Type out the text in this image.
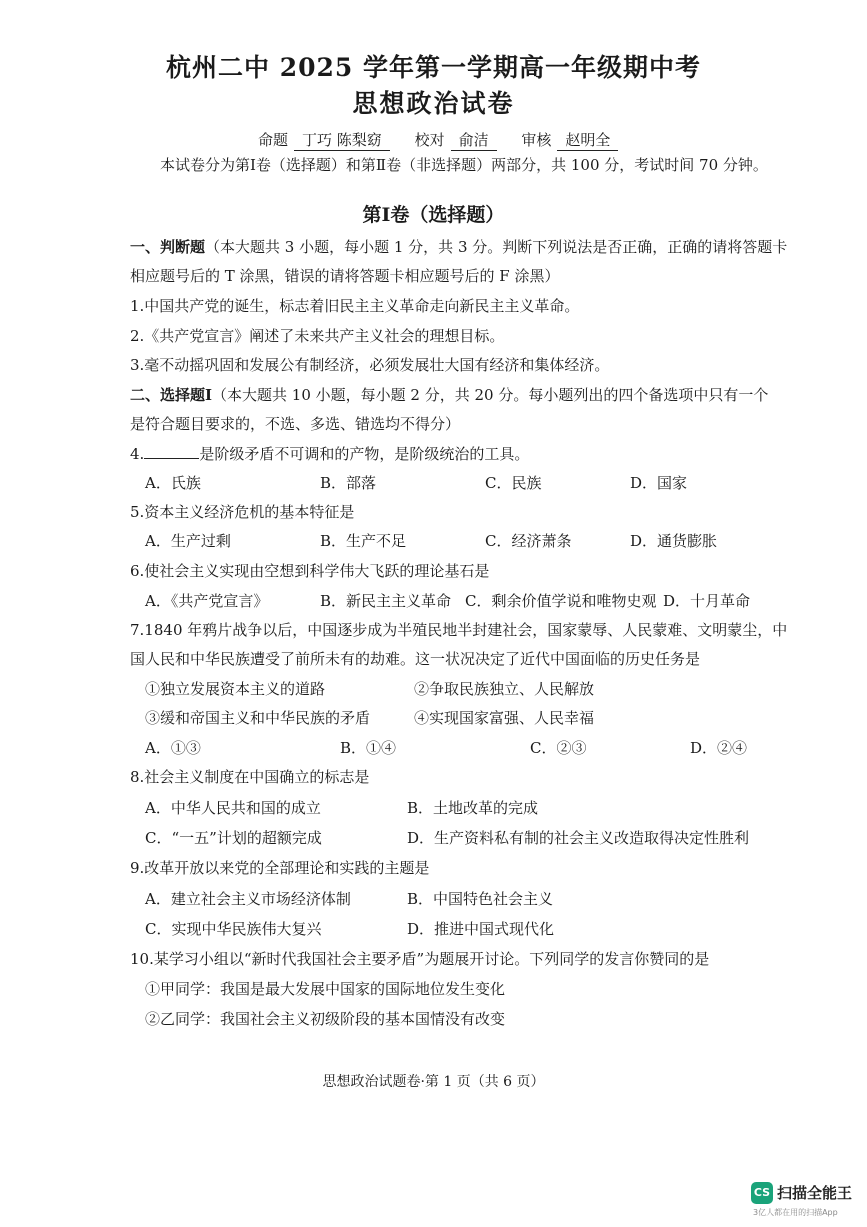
杭州二中 2025 学年第一学期高一年级期中考
思想政治试卷
命题 丁巧 陈梨窈 校对 俞洁 审核 赵明全
本试卷分为第Ⅰ卷（选择题）和第Ⅱ卷（非选择题）两部分，共 100 分，考试时间 70 分钟。
第Ⅰ卷（选择题）
一、判断题（本大题共 3 小题，每小题 1 分，共 3 分。判断下列说法是否正确，正确的请将答题卡
相应题号后的 T 涂黑，错误的请将答题卡相应题号后的 F 涂黑）
1.中国共产党的诞生，标志着旧民主主义革命走向新民主主义革命。
2.《共产党宣言》阐述了未来共产主义社会的理想目标。
3.毫不动摇巩固和发展公有制经济，必须发展壮大国有经济和集体经济。
二、选择题Ⅰ（本大题共 10 小题，每小题 2 分，共 20 分。每小题列出的四个备选项中只有一个
是符合题目要求的，不选、多选、错选均不得分）
4.	是阶级矛盾不可调和的产物，是阶级统治的工具。
A．氏族	B．部落	C．民族	D．国家
5.资本主义经济危机的基本特征是
A．生产过剩	B．生产不足	C．经济萧条	D．通货膨胀
6.使社会主义实现由空想到科学伟大飞跃的理论基石是
A．《共产党宣言》	B．新民主主义革命 C．剩余价值学说和唯物史观 D．十月革命
7.1840 年鸦片战争以后，中国逐步成为半殖民地半封建社会，国家蒙辱、人民蒙难、文明蒙尘，中
国人民和中华民族遭受了前所未有的劫难。这一状况决定了近代中国面临的历史任务是
①独立发展资本主义的道路	②争取民族独立、人民解放
③缓和帝国主义和中华民族的矛盾	④实现国家富强、人民幸福
A．①③	B．①④	C．②③	D．②④
8.社会主义制度在中国确立的标志是
A．中华人民共和国的成立	B．土地改革的完成
C．“一五”计划的超额完成	D．生产资料私有制的社会主义改造取得决定性胜利
9.改革开放以来党的全部理论和实践的主题是
A．建立社会主义市场经济体制	B．中国特色社会主义
C．实现中华民族伟大复兴	D．推进中国式现代化
10.某学习小组以“新时代我国社会主要矛盾”为题展开讨论。下列同学的发言你赞同的是
①甲同学：我国是最大发展中国家的国际地位发生变化
②乙同学：我国社会主义初级阶段的基本国情没有改变
思想政治试题卷·第 1 页（共 6 页）
CS 扫描全能王
3亿人都在用的扫描App
